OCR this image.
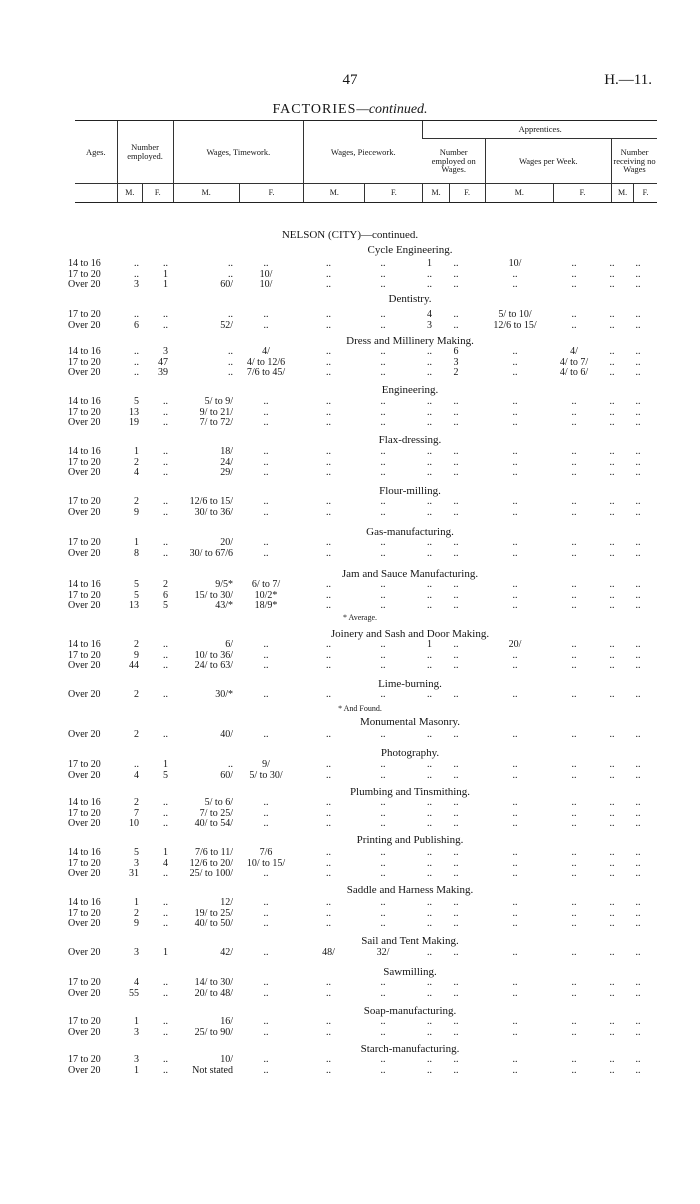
47	H.—11.
FACTORIES—continued.
Ages.	Number employed.		Wages, Timework.		Wages, Piecework.		Apprentices.					
							Number employed on Wages.		Wages per Week.		Number receiving no Wages	
	M.	F.	M.	F.	M.	F.	M.	F.	M.	F.	M.	F.
NELSON (CITY)—continued.
Cycle Engineering.
14 to 16	..	..	..	..	..	..	1	..	10/	..	..	..
17 to 20	..	1	..	10/	..	..	..	..	..	..	..	..
Over 20	3	1	60/	10/	..	..	..	..	..	..	..	..
Dentistry.
17 to 20	..	..	..	..	..	..	4	..	5/ to 10/	..	..	..
Over 20	6	..	52/	..	..	..	3	..	12/6 to 15/	..	..	..
Dress and Millinery Making.
14 to 16	..	3	..	4/	..	..	..	6	..	4/	..	..
17 to 20	..	47	..	4/ to 12/6	..	..	..	3	..	4/ to 7/	..	..
Over 20	..	39	..	7/6 to 45/	..	..	..	2	..	4/ to 6/	..	..
Engineering.
14 to 16	5	..	5/ to 9/	..	..	..	..	..	..	..	..	..
17 to 20	13	..	9/ to 21/	..	..	..	..	..	..	..	..	..
Over 20	19	..	7/ to 72/	..	..	..	..	..	..	..	..	..
Flax-dressing.
14 to 16	1	..	18/	..	..	..	..	..	..	..	..	..
17 to 20	2	..	24/	..	..	..	..	..	..	..	..	..
Over 20	4	..	29/	..	..	..	..	..	..	..	..	..
Flour-milling.
17 to 20	2	..	12/6 to 15/	..	..	..	..	..	..	..	..	..
Over 20	9	..	30/ to 36/	..	..	..	..	..	..	..	..	..
Gas-manufacturing.
17 to 20	1	..	20/	..	..	..	..	..	..	..	..	..
Over 20	8	..	30/ to 67/6	..	..	..	..	..	..	..	..	..
Jam and Sauce Manufacturing.
14 to 16	5	2	9/5*	6/ to 7/	..	..	..	..	..	..	..	..
17 to 20	5	6	15/ to 30/	10/2*	..	..	..	..	..	..	..	..
Over 20	13	5	43/*	18/9*	..	..	..	..	..	..	..	..
* Average.
Joinery and Sash and Door Making.
14 to 16	2	..	6/	..	..	..	1	..	20/	..	..	..
17 to 20	9	..	10/ to 36/	..	..	..	..	..	..	..	..	..
Over 20	44	..	24/ to 63/	..	..	..	..	..	..	..	..	..
Lime-burning.
Over 20	2	..	30/*	..	..	..	..	..	..	..	..	..
* And Found.
Monumental Masonry.
Over 20	2	..	40/	..	..	..	..	..	..	..	..	..
Photography.
17 to 20	..	1	..	9/	..	..	..	..	..	..	..	..
Over 20	4	5	60/	5/ to 30/	..	..	..	..	..	..	..	..
Plumbing and Tinsmithing.
14 to 16	2	..	5/ to 6/	..	..	..	..	..	..	..	..	..
17 to 20	7	..	7/ to 25/	..	..	..	..	..	..	..	..	..
Over 20	10	..	40/ to 54/	..	..	..	..	..	..	..	..	..
Printing and Publishing.
14 to 16	5	1	7/6 to 11/	7/6	..	..	..	..	..	..	..	..
17 to 20	3	4	12/6 to 20/	10/ to 15/	..	..	..	..	..	..	..	..
Over 20	31	..	25/ to 100/	..	..	..	..	..	..	..	..	..
Saddle and Harness Making.
14 to 16	1	..	12/	..	..	..	..	..	..	..	..	..
17 to 20	2	..	19/ to 25/	..	..	..	..	..	..	..	..	..
Over 20	9	..	40/ to 50/	..	..	..	..	..	..	..	..	..
Sail and Tent Making.
Over 20	3	1	42/	..	48/	32/	..	..	..	..	..	..
Sawmilling.
17 to 20	4	..	14/ to 30/	..	..	..	..	..	..	..	..	..
Over 20	55	..	20/ to 48/	..	..	..	..	..	..	..	..	..
Soap-manufacturing.
17 to 20	1	..	16/	..	..	..	..	..	..	..	..	..
Over 20	3	..	25/ to 90/	..	..	..	..	..	..	..	..	..
Starch-manufacturing.
17 to 20	3	..	10/	..	..	..	..	..	..	..	..	..
Over 20	1	..	Not stated	..	..	..	..	..	..	..	..	..
